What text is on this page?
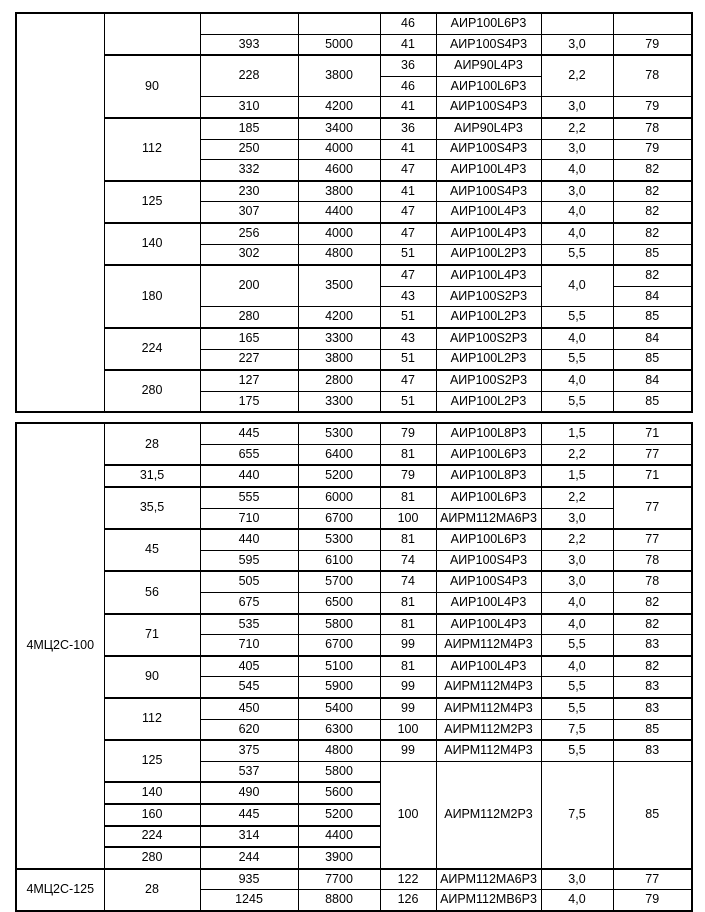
				46	АИР100L6Р3		
		393	5000	41	АИР100S4Р3	3,0	79
	90	228	3800	36	АИР90L4Р3	2,2	78
				46	АИР100L6Р3		
		310	4200	41	АИР100S4Р3	3,0	79
	112	185	3400	36	АИР90L4Р3	2,2	78
		250	4000	41	АИР100S4Р3	3,0	79
		332	4600	47	АИР100L4Р3	4,0	82
	125	230	3800	41	АИР100S4Р3	3,0	82
		307	4400	47	АИР100L4Р3	4,0	82
	140	256	4000	47	АИР100L4Р3	4,0	82
		302	4800	51	АИР100L2Р3	5,5	85
	180	200	3500	47	АИР100L4Р3	4,0	82
				43	АИР100S2Р3		84
		280	4200	51	АИР100L2Р3	5,5	85
	224	165	3300	43	АИР100S2Р3	4,0	84
		227	3800	51	АИР100L2Р3	5,5	85
	280	127	2800	47	АИР100S2Р3	4,0	84
		175	3300	51	АИР100L2Р3	5,5	85
4МЦ2С-100	28	445	5300	79	АИР100L8Р3	1,5	71
		655	6400	81	АИР100L6Р3	2,2	77
	31,5	440	5200	79	АИР100L8Р3	1,5	71
	35,5	555	6000	81	АИР100L6Р3	2,2	77
		710	6700	100	АИРМ112МА6Р3	3,0	
	45	440	5300	81	АИР100L6Р3	2,2	77
		595	6100	74	АИР100S4Р3	3,0	78
	56	505	5700	74	АИР100S4Р3	3,0	78
		675	6500	81	АИР100L4Р3	4,0	82
	71	535	5800	81	АИР100L4Р3	4,0	82
		710	6700	99	АИРМ112М4Р3	5,5	83
	90	405	5100	81	АИР100L4Р3	4,0	82
		545	5900	99	АИРМ112М4Р3	5,5	83
	112	450	5400	99	АИРМ112М4Р3	5,5	83
		620	6300	100	АИРМ112М2Р3	7,5	85
	125	375	4800	99	АИРМ112М4Р3	5,5	83
		537	5800	100	АИРМ112М2Р3	7,5	85
	140	490	5600				
	160	445	5200				
	224	314	4400				
	280	244	3900				
4МЦ2С-125	28	935	7700	122	АИРМ112МА6Р3	3,0	77
		1245	8800	126	АИРМ112МВ6Р3	4,0	79
